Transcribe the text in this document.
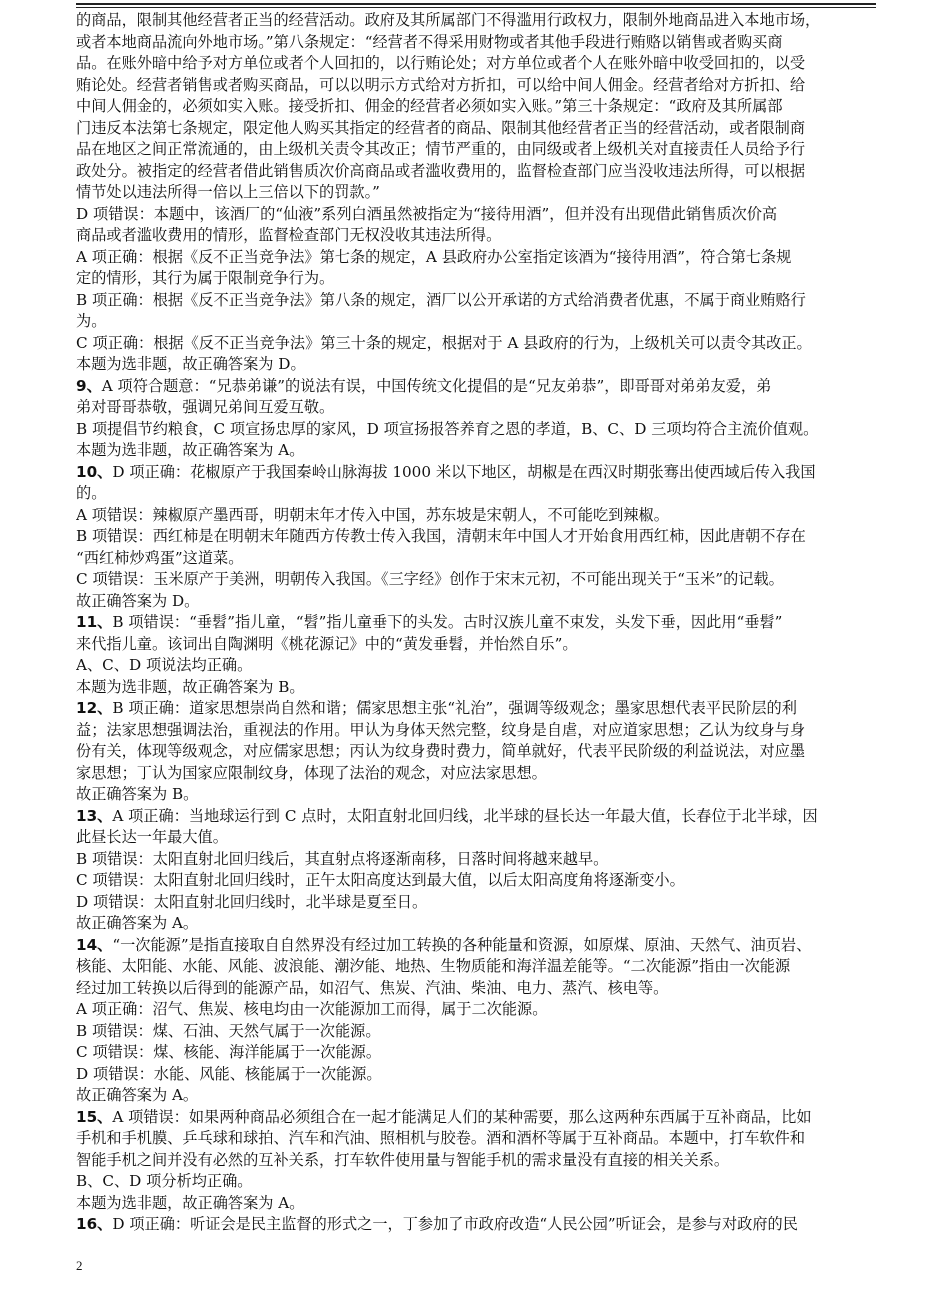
的商品，限制其他经营者正当的经营活动。政府及其所属部门不得滥用行政权力，限制外地商品进入本地市场，
或者本地商品流向外地市场。”第八条规定：“经营者不得采用财物或者其他手段进行贿赂以销售或者购买商
品。在账外暗中给予对方单位或者个人回扣的，以行贿论处；对方单位或者个人在账外暗中收受回扣的，以受
贿论处。经营者销售或者购买商品，可以以明示方式给对方折扣，可以给中间人佣金。经营者给对方折扣、给
中间人佣金的，必须如实入账。接受折扣、佣金的经营者必须如实入账。”第三十条规定：“政府及其所属部
门违反本法第七条规定，限定他人购买其指定的经营者的商品、限制其他经营者正当的经营活动，或者限制商
品在地区之间正常流通的，由上级机关责令其改正；情节严重的，由同级或者上级机关对直接责任人员给予行
政处分。被指定的经营者借此销售质次价高商品或者滥收费用的，监督检查部门应当没收违法所得，可以根据
情节处以违法所得一倍以上三倍以下的罚款。”
D 项错误：本题中，该酒厂的“仙液”系列白酒虽然被指定为“接待用酒”，但并没有出现借此销售质次价高
商品或者滥收费用的情形，监督检查部门无权没收其违法所得。
A 项正确：根据《反不正当竞争法》第七条的规定，A 县政府办公室指定该酒为“接待用酒”，符合第七条规
定的情形，其行为属于限制竞争行为。
B 项正确：根据《反不正当竞争法》第八条的规定，酒厂以公开承诺的方式给消费者优惠，不属于商业贿赂行
为。
C 项正确：根据《反不正当竞争法》第三十条的规定，根据对于 A 县政府的行为，上级机关可以责令其改正。
本题为选非题，故正确答案为 D。
9、A 项符合题意：“兄恭弟谦”的说法有误，中国传统文化提倡的是“兄友弟恭”，即哥哥对弟弟友爱，弟
弟对哥哥恭敬，强调兄弟间互爱互敬。
B 项提倡节约粮食，C 项宣扬忠厚的家风，D 项宣扬报答养育之恩的孝道，B、C、D 三项均符合主流价值观。
本题为选非题，故正确答案为 A。
10、D 项正确：花椒原产于我国秦岭山脉海拔 1000 米以下地区，胡椒是在西汉时期张骞出使西域后传入我国
的。
A 项错误：辣椒原产墨西哥，明朝末年才传入中国，苏东坡是宋朝人，不可能吃到辣椒。
B 项错误：西红柿是在明朝末年随西方传教士传入我国，清朝末年中国人才开始食用西红柿，因此唐朝不存在
“西红柿炒鸡蛋”这道菜。
C 项错误：玉米原产于美洲，明朝传入我国。《三字经》创作于宋末元初，不可能出现关于“玉米”的记载。
故正确答案为 D。
11、B 项错误：“垂髫”指儿童，“髫”指儿童垂下的头发。古时汉族儿童不束发，头发下垂，因此用“垂髫”
来代指儿童。该词出自陶渊明《桃花源记》中的“黄发垂髫，并怡然自乐”。
A、C、D 项说法均正确。
本题为选非题，故正确答案为 B。
12、B 项正确：道家思想崇尚自然和谐；儒家思想主张“礼治”，强调等级观念；墨家思想代表平民阶层的利
益；法家思想强调法治，重视法的作用。甲认为身体天然完整，纹身是自虐，对应道家思想；乙认为纹身与身
份有关，体现等级观念，对应儒家思想；丙认为纹身费时费力，简单就好，代表平民阶级的利益说法，对应墨
家思想；丁认为国家应限制纹身，体现了法治的观念，对应法家思想。
故正确答案为 B。
13、A 项正确：当地球运行到 C 点时，太阳直射北回归线，北半球的昼长达一年最大值，长春位于北半球，因
此昼长达一年最大值。
B 项错误：太阳直射北回归线后，其直射点将逐渐南移，日落时间将越来越早。
C 项错误：太阳直射北回归线时，正午太阳高度达到最大值，以后太阳高度角将逐渐变小。
D 项错误：太阳直射北回归线时，北半球是夏至日。
故正确答案为 A。
14、“一次能源”是指直接取自自然界没有经过加工转换的各种能量和资源，如原煤、原油、天然气、油页岩、
核能、太阳能、水能、风能、波浪能、潮汐能、地热、生物质能和海洋温差能等。“二次能源”指由一次能源
经过加工转换以后得到的能源产品，如沼气、焦炭、汽油、柴油、电力、蒸汽、核电等。
A 项正确：沼气、焦炭、核电均由一次能源加工而得，属于二次能源。
B 项错误：煤、石油、天然气属于一次能源。
C 项错误：煤、核能、海洋能属于一次能源。
D 项错误：水能、风能、核能属于一次能源。
故正确答案为 A。
15、A 项错误：如果两种商品必须组合在一起才能满足人们的某种需要，那么这两种东西属于互补商品，比如
手机和手机膜、乒乓球和球拍、汽车和汽油、照相机与胶卷。酒和酒杯等属于互补商品。本题中，打车软件和
智能手机之间并没有必然的互补关系，打车软件使用量与智能手机的需求量没有直接的相关关系。
B、C、D 项分析均正确。
本题为选非题，故正确答案为 A。
16、D 项正确：听证会是民主监督的形式之一，丁参加了市政府改造“人民公园”听证会，是参与对政府的民
2
